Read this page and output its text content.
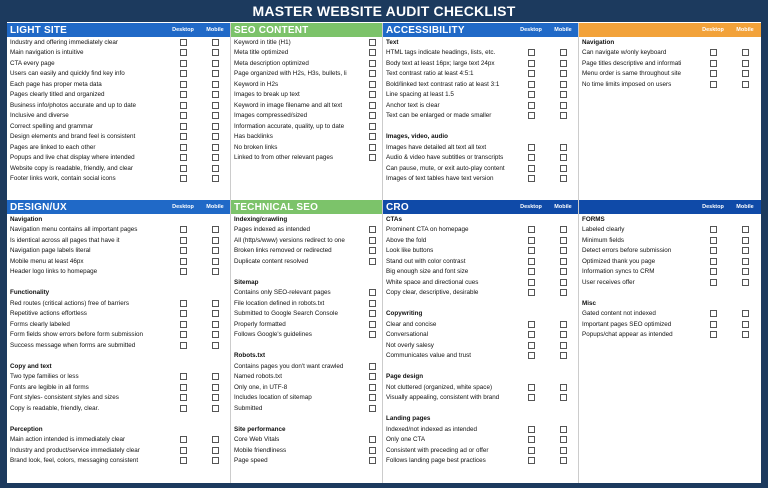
MASTER WEBSITE AUDIT CHECKLIST
LIGHT SITE	Desktop	Mobile
Industry and offering immediately clear
Main navigation is intuitive
CTA every page
Users can easily and quickly find key info
Each page has proper meta data
Pages clearly titled and organized
Business info/photos accurate and up to date
Inclusive and diverse
Correct spelling and grammar
Design elements and brand feel is consistent
Pages are linked to each other
Popups and live chat display where intended
Website copy is readable, friendly, and clear
Footer links work, contain social icons
SEO CONTENT
Keyword in title (H1)
Meta title optimized
Meta description optimized
Page organized with H2s, H3s, bullets, li
Keyword in H2s
Images to break up text
Keyword in image filename and alt text
Images compressed/sized
Information accurate, quality, up to date
Has backlinks
No broken links
Linked to from other relevant pages
ACCESSIBILITY	Desktop	Mobile
Text
HTML tags indicate headings, lists, etc.
Body text at least 16px; large text 24px
Text contrast ratio at least 4:5:1
Bold/linked text contrast ratio at least 3:1
Line spacing at least 1.5
Anchor text is clear
Text can be enlarged or made smaller
Images, video, audio
Images have detailed alt text all text
Audio & video have subtitles or transcripts
Can pause, mute, or exit auto-play content
Images of text tables have text version
Desktop	Mobile
Navigation
Can navigate w/only keyboard
Page titles descriptive and informati
Menu order is same throughout site
No time limits imposed on users
DESIGN/UX	Desktop	Mobile
Navigation
Navigation menu contains all important pages
Is identical across all pages that have it
Navigation page labels literal
Mobile menu at least 46px
Header logo links to homepage
Functionality
Red routes (critical actions) free of barriers
Repetitive actions effortless
Forms clearly labeled
Form fields show errors before form submission
Success message when forms are submitted
Copy and text
Two type families or less
Fonts are legible in all forms
Font styles- consistent styles and sizes
Copy is readable, friendly, clear.
Perception
Main action intended is immediately clear
Industry and product/service immediately clear
Brand look, feel, colors, messaging consistent
TECHNICAL SEO
Indexing/crawling
Pages indexed as intended
All (http/s/www) versions redirect to one
Broken links removed or redirected
Duplicate content resolved
Sitemap
Contains only SEO-relevant pages
File location defined in robots.txt
Submitted to Google Search Console
Properly formatted
Follows Google's guidelines
Robots.txt
Contains pages you don't want crawled
Named robots.txt
Only one, in UTF-8
Includes location of sitemap
Submitted
Site performance
Core Web Vitals
Mobile friendliness
Page speed
CRO	Desktop	Mobile
CTAs
Prominent CTA on homepage
Above the fold
Look like buttons
Stand out with color contrast
Big enough size and font size
White space and directional cues
Copy clear, descriptive, desirable
Copywriting
Clear and concise
Conversational
Not overly salesy
Communicates value and trust
Page design
Not cluttered (organized, white space)
Visually appealing, consistent with brand
Landing pages
Indexed/not indexed as intended
Only one CTA
Consistent with preceding ad or offer
Follows landing page best practices
Desktop	Mobile
FORMS
Labeled clearly
Minimum fields
Detect errors before submission
Optimized thank you page
Information syncs to CRM
User receives offer
Misc
Gated content not indexed
Important pages SEO optimized
Popups/chat appear as intended
